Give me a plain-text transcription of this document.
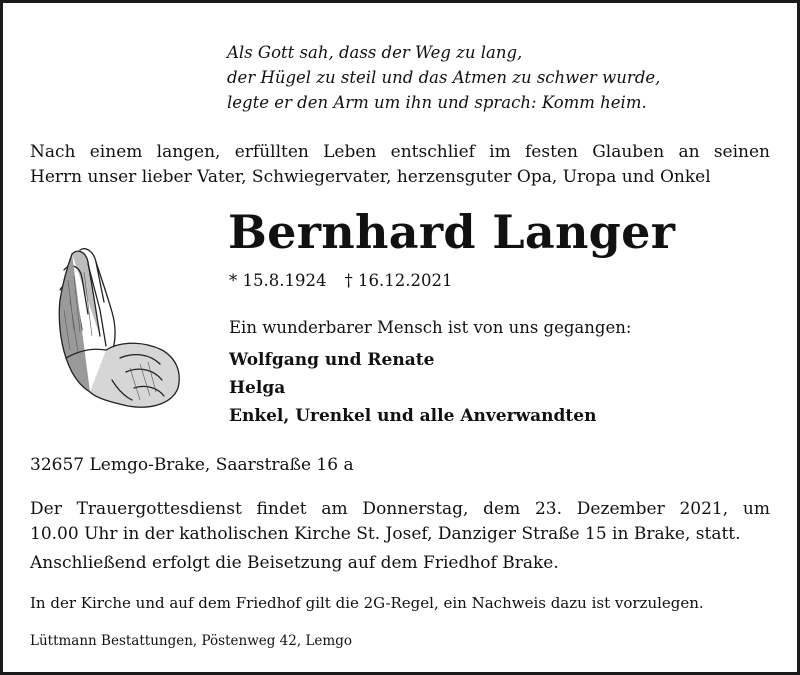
Als Gott sah, dass der Weg zu lang,
der Hügel zu steil und das Atmen zu schwer wurde,
legte er den Arm um ihn und sprach: Komm heim.
Nach einem langen, erfüllten Leben entschlief im festen Glauben an seinen
Herrn unser lieber Vater, Schwiegervater, herzensguter Opa, Uropa und Onkel
Bernhard Langer
* 15.8.1924 † 16.12.2021
Ein wunderbarer Mensch ist von uns gegangen:
Wolfgang und Renate
Helga
Enkel, Urenkel und alle Anverwandten
32657 Lemgo-Brake, Saarstraße 16 a
Der Trauergottesdienst findet am Donnerstag, dem 23. Dezember 2021, um
10.00 Uhr in der katholischen Kirche St. Josef, Danziger Straße 15 in Brake, statt.
Anschließend erfolgt die Beisetzung auf dem Friedhof Brake.
In der Kirche und auf dem Friedhof gilt die 2G-Regel, ein Nachweis dazu ist vorzulegen.
Lüttmann Bestattungen, Pöstenweg 42, Lemgo
